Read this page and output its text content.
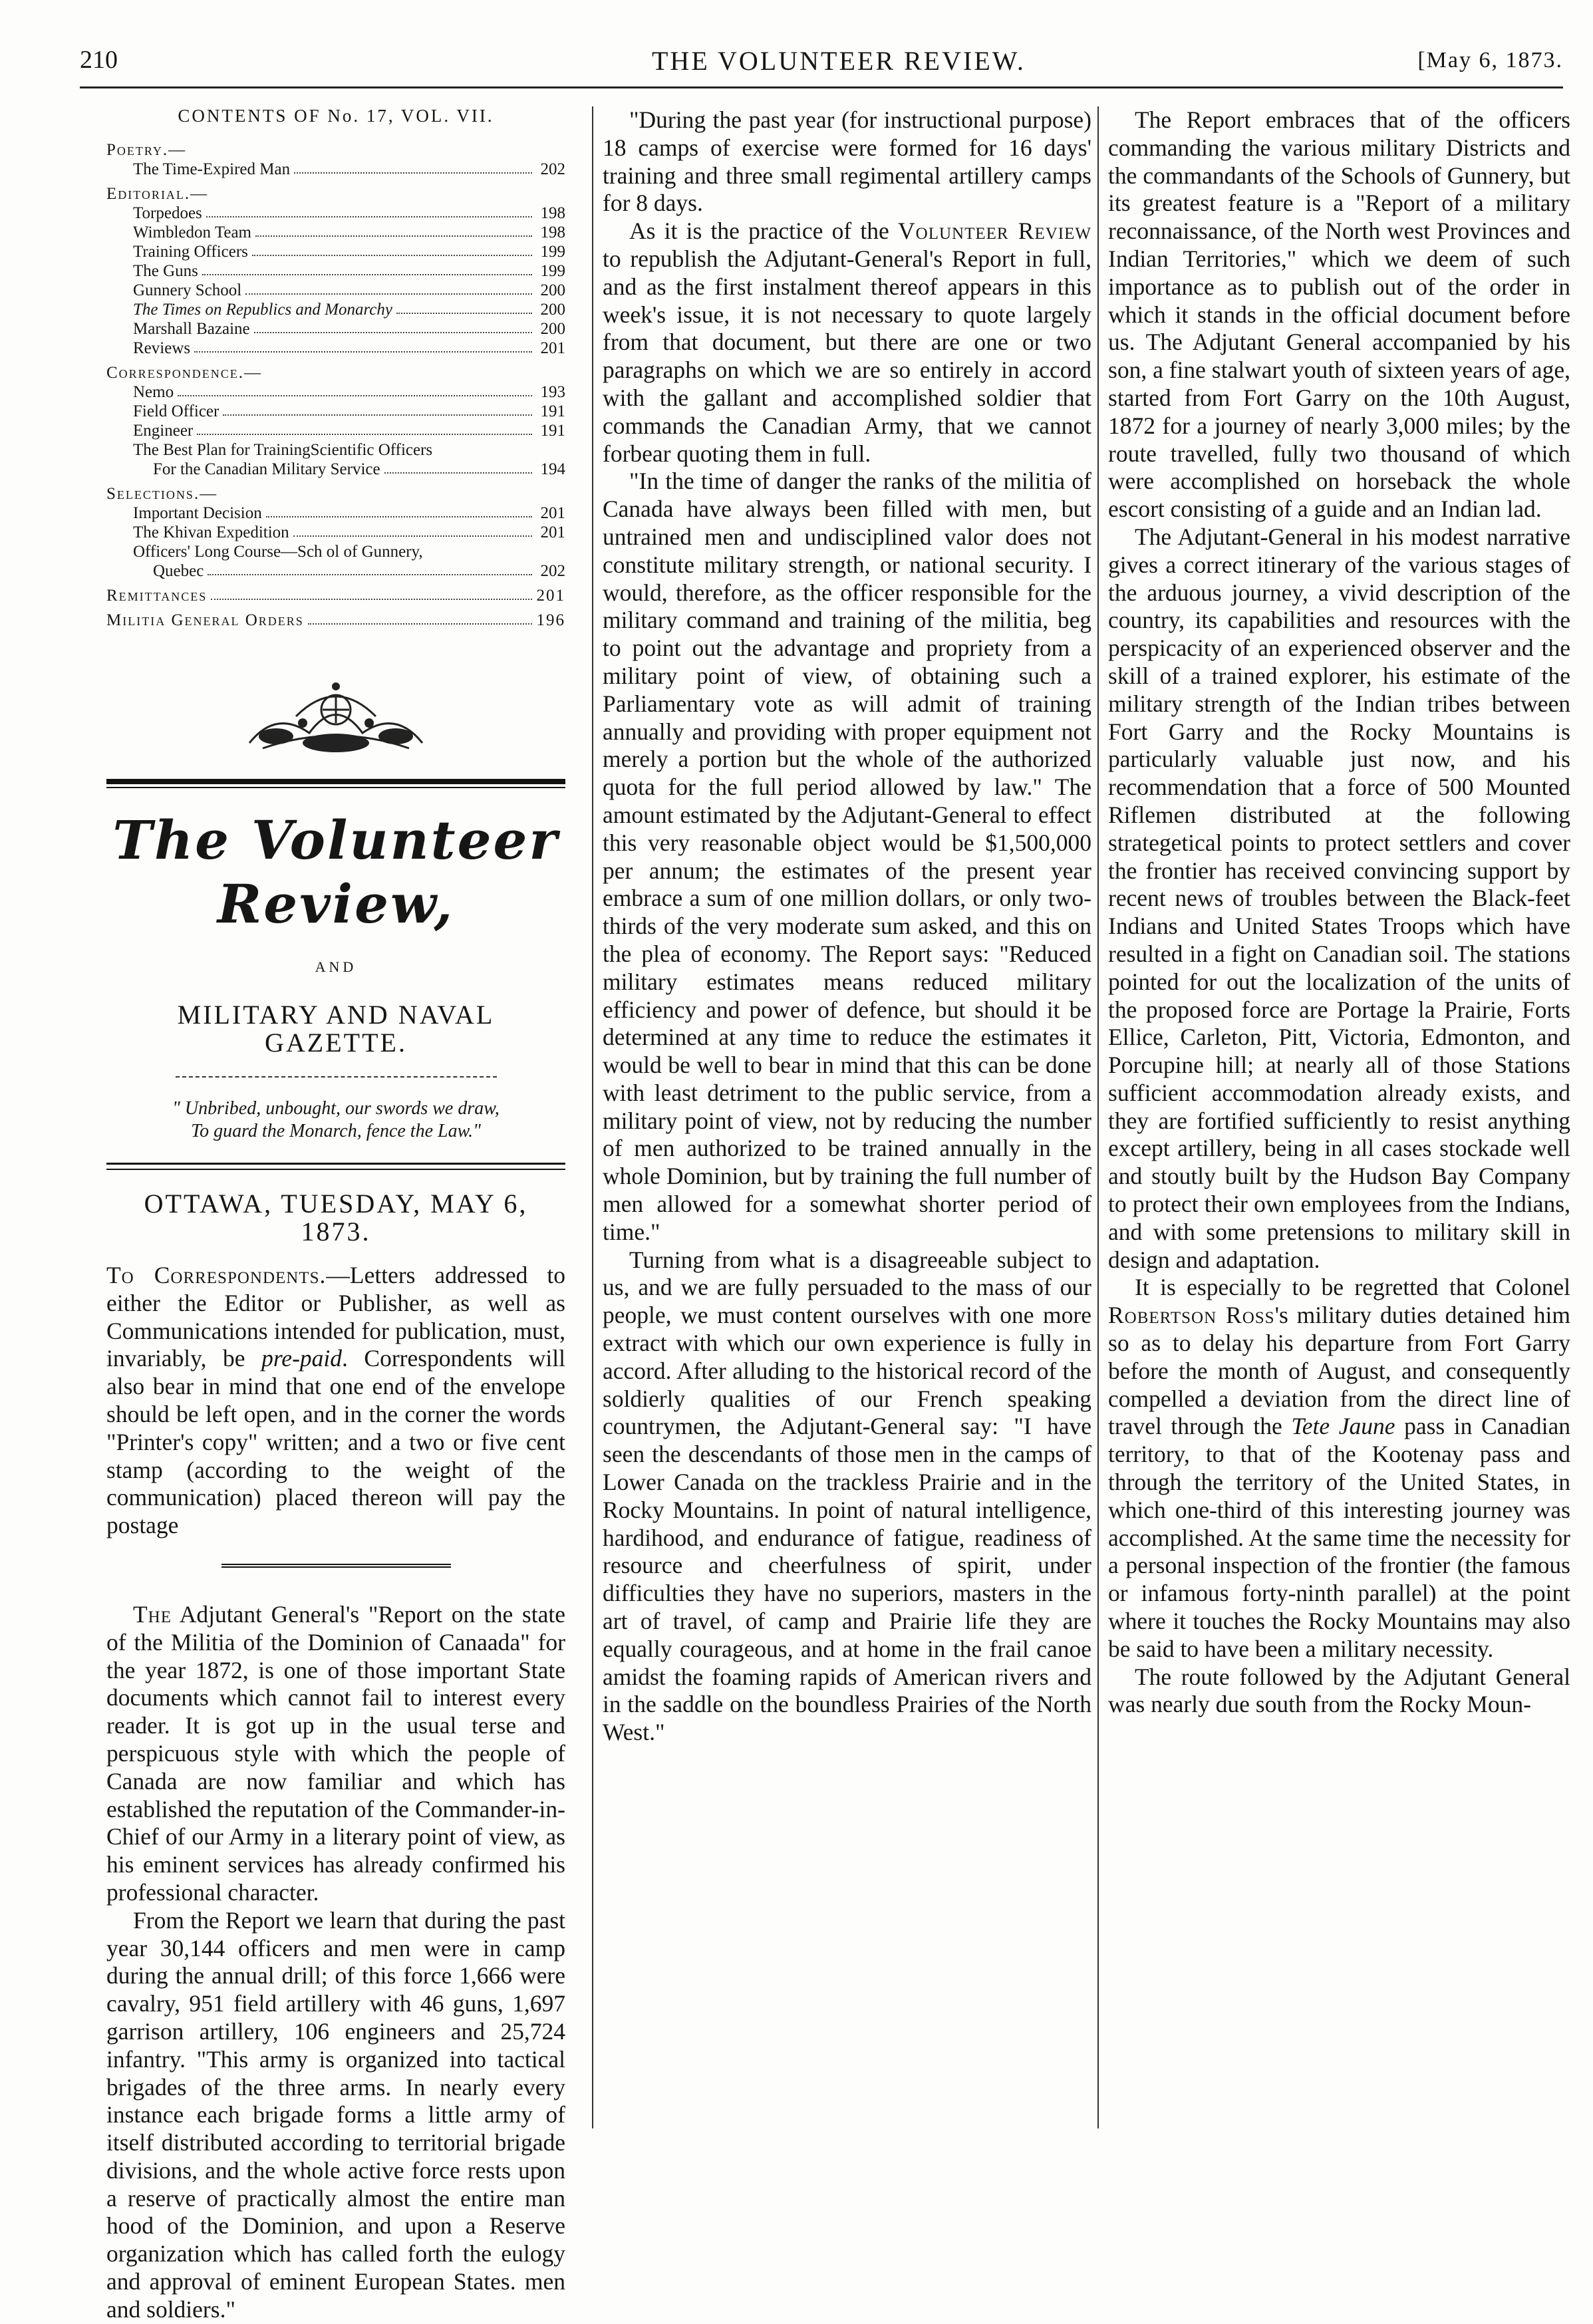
210	THE VOLUNTEER REVIEW.	[May 6, 1873.
CONTENTS OF No. 17, VOL. VII.
Poetry.—
The Time-Expired Man	202
Editorial.—
Torpedoes	198
Wimbledon Team	198
Training Officers	199
The Guns	199
Gunnery School	200
The Times on Republics and Monarchy	200
Marshall Bazaine	200
Reviews	201
Correspondence.—
Nemo	193
Field Officer	191
Engineer	191
The Best Plan for TrainingScientific Officers
For the Canadian Military Service	194
Selections.—
Important Decision	201
The Khivan Expedition	201
Officers' Long Course—Sch ol of Gunnery,
Quebec	202
Remittances	201
Militia General Orders	196
The Volunteer Review,
AND
MILITARY AND NAVAL GAZETTE.
" Unbribed, unbought, our swords we draw,
To guard the Monarch, fence the Law."
OTTAWA, TUESDAY, MAY 6, 1873.

To Correspondents.—Letters addressed to either the Editor or Publisher, as well as Communications intended for publication, must, invariably, be pre-paid. Correspondents will also bear in mind that one end of the envelope should be left open, and in the corner the words "Printer's copy" written; and a two or five cent stamp (according to the weight of the communication) placed thereon will pay the postage

The Adjutant General's "Report on the state of the Militia of the Dominion of Canaada" for the year 1872, is one of those important State documents which cannot fail to interest every reader. It is got up in the usual terse and perspicuous style with which the people of Canada are now familiar and which has established the reputation of the Commander-in-Chief of our Army in a literary point of view, as his eminent services has already confirmed his professional character.

From the Report we learn that during the past year 30,144 officers and men were in camp during the annual drill; of this force 1,666 were cavalry, 951 field artillery with 46 guns, 1,697 garrison artillery, 106 engineers and 25,724 infantry. "This army is organized into tactical brigades of the three arms. In nearly every instance each brigade forms a little army of itself distributed according to territorial brigade divisions, and the whole active force rests upon a reserve of practically almost the entire man hood of the Dominion, and upon a Reserve organization which has called forth the eulogy and approval of eminent European States. men and soldiers."

"During the past year (for instructional purpose) 18 camps of exercise were formed for 16 days' training and three small regimental artillery camps for 8 days.

As it is the practice of the Volunteer Review to republish the Adjutant-General's Report in full, and as the first instalment thereof appears in this week's issue, it is not necessary to quote largely from that document, but there are one or two paragraphs on which we are so entirely in accord with the gallant and accomplished soldier that commands the Canadian Army, that we cannot forbear quoting them in full.

"In the time of danger the ranks of the militia of Canada have always been filled with men, but untrained men and undisciplined valor does not constitute military strength, or national security. I would, therefore, as the officer responsible for the military command and training of the militia, beg to point out the advantage and propriety from a military point of view, of obtaining such a Parliamentary vote as will admit of training annually and providing with proper equipment not merely a portion but the whole of the authorized quota for the full period allowed by law." The amount estimated by the Adjutant-General to effect this very reasonable object would be $1,500,000 per annum; the estimates of the present year embrace a sum of one million dollars, or only two-thirds of the very moderate sum asked, and this on the plea of economy. The Report says: "Reduced military estimates means reduced military efficiency and power of defence, but should it be determined at any time to reduce the estimates it would be well to bear in mind that this can be done with least detriment to the public service, from a military point of view, not by reducing the number of men authorized to be trained annually in the whole Dominion, but by training the full number of men allowed for a somewhat shorter period of time."

Turning from what is a disagreeable subject to us, and we are fully persuaded to the mass of our people, we must content ourselves with one more extract with which our own experience is fully in accord. After alluding to the historical record of the soldierly qualities of our French speaking countrymen, the Adjutant-General say: "I have seen the descendants of those men in the camps of Lower Canada on the trackless Prairie and in the Rocky Mountains. In point of natural intelligence, hardihood, and endurance of fatigue, readiness of resource and cheerfulness of spirit, under difficulties they have no superiors, masters in the art of travel, of camp and Prairie life they are equally courageous, and at home in the frail canoe amidst the foaming rapids of American rivers and in the saddle on the boundless Prairies of the North West."

The Report embraces that of the officers commanding the various military Districts and the commandants of the Schools of Gunnery, but its greatest feature is a "Report of a military reconnaissance, of the North west Provinces and Indian Territories," which we deem of such importance as to publish out of the order in which it stands in the official document before us. The Adjutant General accompanied by his son, a fine stalwart youth of sixteen years of age, started from Fort Garry on the 10th August, 1872 for a journey of nearly 3,000 miles; by the route travelled, fully two thousand of which were accomplished on horseback the whole escort consisting of a guide and an Indian lad.

The Adjutant-General in his modest narrative gives a correct itinerary of the various stages of the arduous journey, a vivid description of the country, its capabilities and resources with the perspicacity of an experienced observer and the skill of a trained explorer, his estimate of the military strength of the Indian tribes between Fort Garry and the Rocky Mountains is particularly valuable just now, and his recommendation that a force of 500 Mounted Riflemen distributed at the following strategetical points to protect settlers and cover the frontier has received convincing support by recent news of troubles between the Black-feet Indians and United States Troops which have resulted in a fight on Canadian soil. The stations pointed for out the localization of the units of the proposed force are Portage la Prairie, Forts Ellice, Carleton, Pitt, Victoria, Edmonton, and Porcupine hill; at nearly all of those Stations sufficient accommodation already exists, and they are fortified sufficiently to resist anything except artillery, being in all cases stockade well and stoutly built by the Hudson Bay Company to protect their own employees from the Indians, and with some pretensions to military skill in design and adaptation.

It is especially to be regretted that Colonel Robertson Ross's military duties detained him so as to delay his departure from Fort Garry before the month of August, and consequently compelled a deviation from the direct line of travel through the Tete Jaune pass in Canadian territory, to that of the Kootenay pass and through the territory of the United States, in which one-third of this interesting journey was accomplished. At the same time the necessity for a personal inspection of the frontier (the famous or infamous forty-ninth parallel) at the point where it touches the Rocky Mountains may also be said to have been a military necessity.

The route followed by the Adjutant General was nearly due south from the Rocky Moun-
